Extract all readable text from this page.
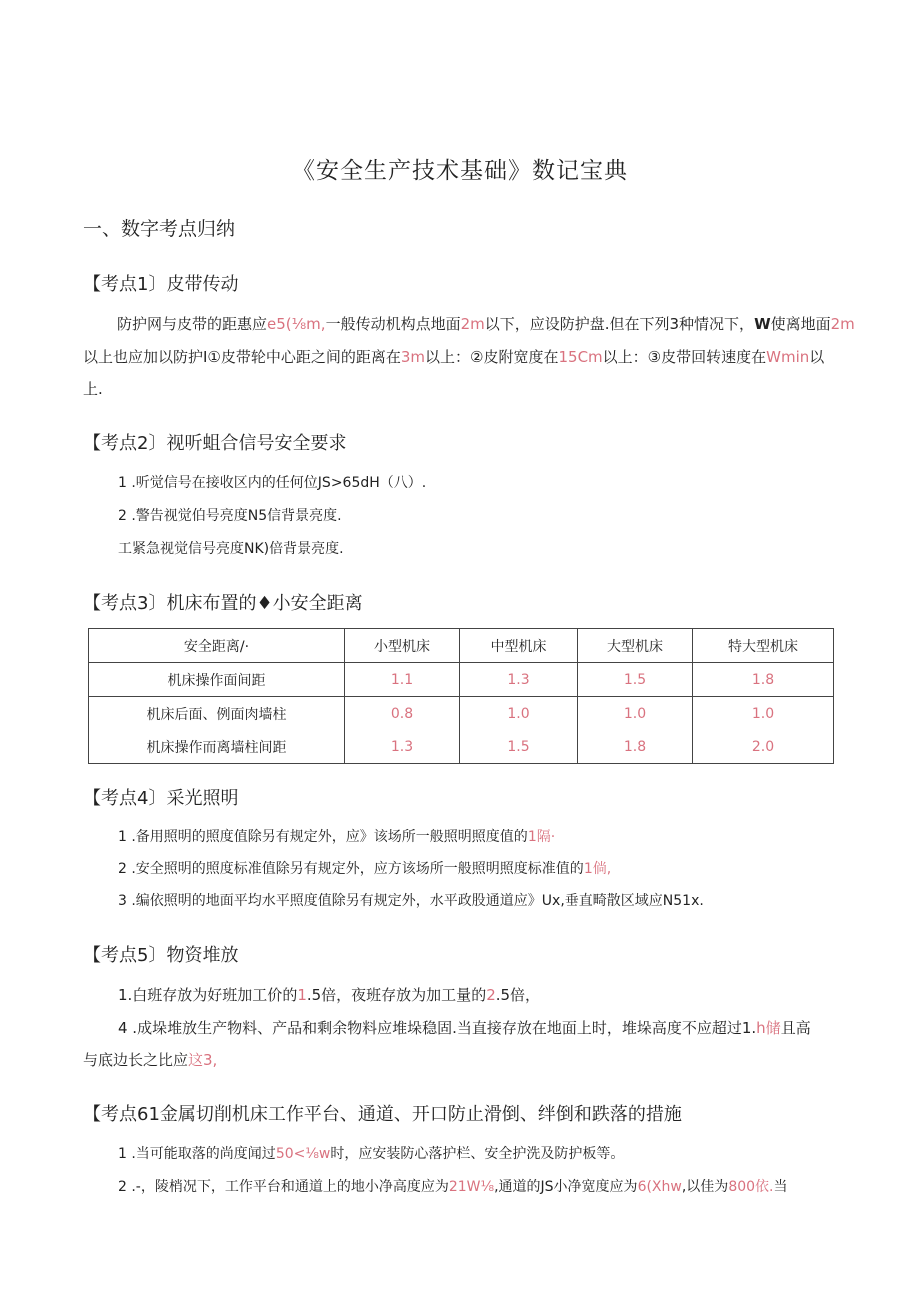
《安全生产技术基础》数记宝典
一、数字考点归纳
【考点1〕皮带传动
防护网与皮带的距惠应e5(⅛m,一般传动机构点地面2m以下，应设防护盘.但在下列3种情况下，W使离地面2m
以上也应加以防护I①皮带轮中心距之间的距离在3m以上：②皮附宽度在15Cm以上：③皮带回转速度在Wmin以
上.
【考点2〕视听蛆合信号安全要求
1 .听觉信号在接收区内的任何位JS>65dH（八）.
2 .警告视觉伯号亮度N5信背景亮度.
工紧急视觉信号亮度NK)倍背景亮度.
【考点3〕机床布置的♦小安全距离
安全距离/·	小型机床	中型机床	大型机床	特大型机床
机床操作面间距	1.1	1.3	1.5	1.8
机床后面、例面肉墙柱	0.8	1.0	1.0	1.0
机床操作而离墙柱间距	1.3	1.5	1.8	2.0
【考点4〕采光照明
1 .备用照明的照度值除另有规定外，应》该场所一般照明照度值的1隔·
2 .安全照明的照度标准值除另有规定外，应方该场所一般照明照度标准值的1倘,
3 .编依照明的地面平均水平照度值除另有规定外，水平政股通道应》Ux,垂直畸散区域应N51x.
【考点5〕物资堆放
1.白班存放为好班加工价的1.5倍，夜班存放为加工量的2.5倍，
4 .成垛堆放生产物料、产品和剩余物料应堆垛稳固.当直接存放在地面上时，堆垛高度不应超过1.h储且高
与底边长之比应这3,
【考点61金属切削机床工作平台、通道、开口防止滑倒、绊倒和跌落的措施
1 .当可能取落的尚度闻过50<⅛w时，应安装防心落护栏、安全护洗及防护板等。
2 .-，陵梢况下，工作平台和通道上的地小净高度应为21W⅛,通道的JS小净宽度应为6(Xhw,以佳为800依.当
